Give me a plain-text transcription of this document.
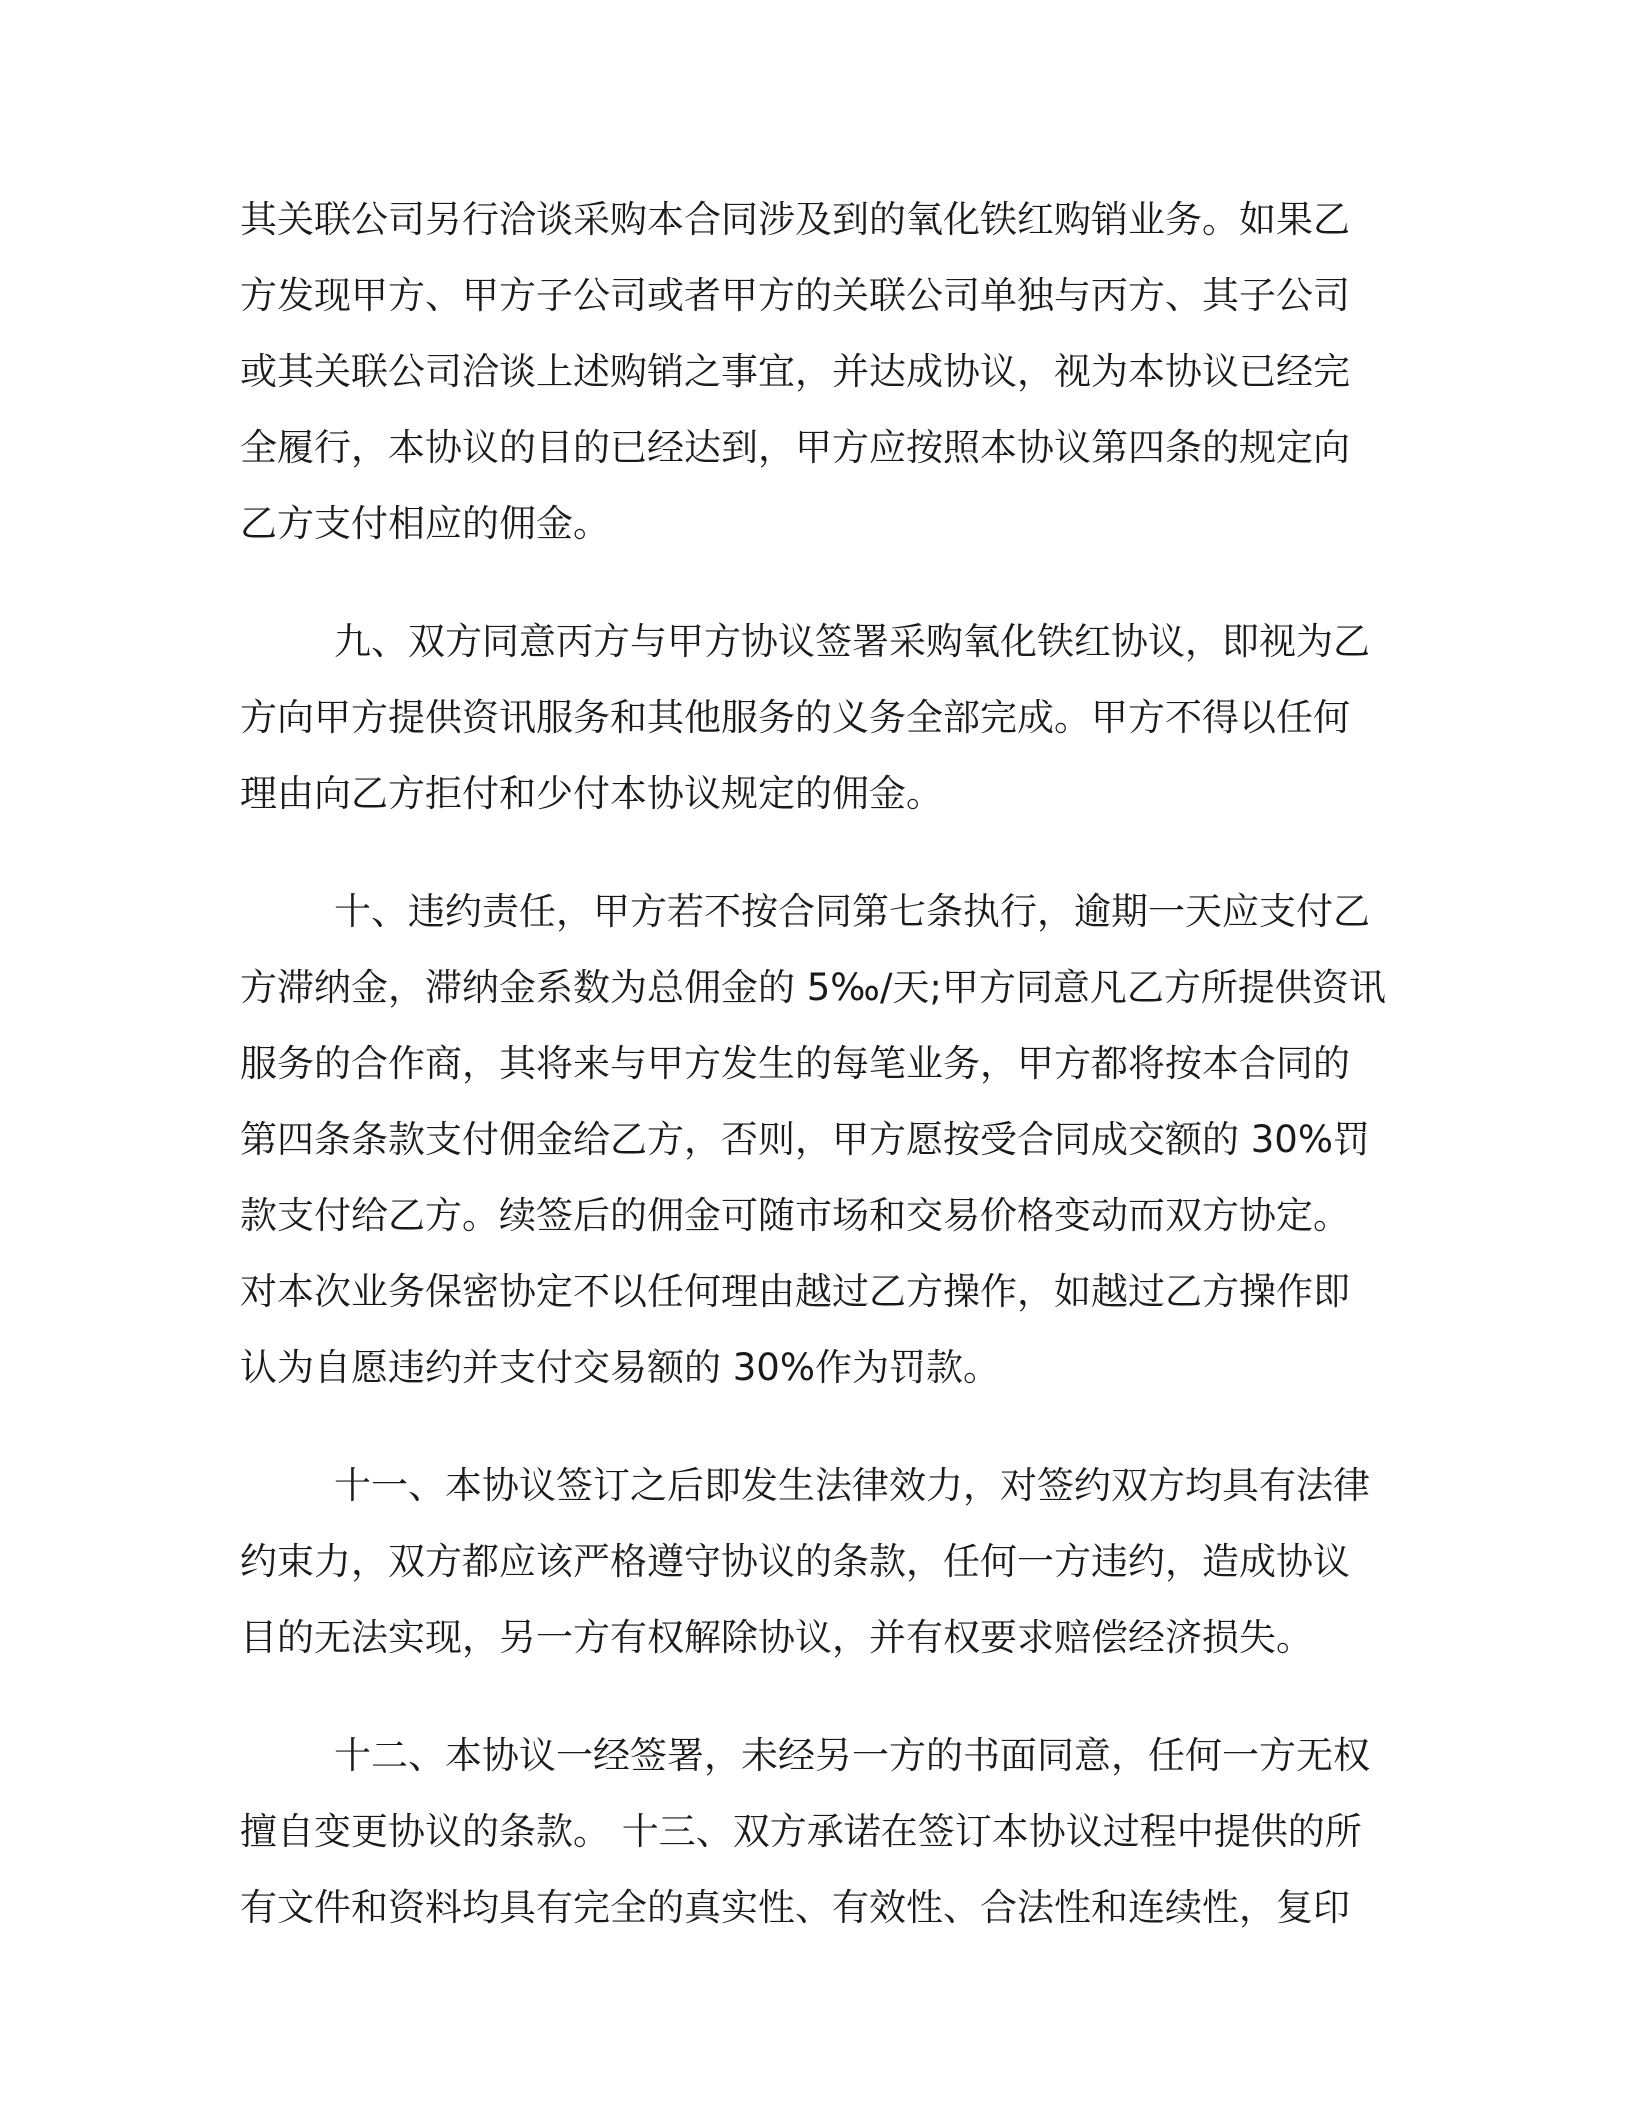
其关联公司另行洽谈采购本合同涉及到的氧化铁红购销业务。如果乙
方发现甲方、甲方子公司或者甲方的关联公司单独与丙方、其子公司
或其关联公司洽谈上述购销之事宜，并达成协议，视为本协议已经完
全履行，本协议的目的已经达到，甲方应按照本协议第四条的规定向
乙方支付相应的佣金。

九、双方同意丙方与甲方协议签署采购氧化铁红协议，即视为乙
方向甲方提供资讯服务和其他服务的义务全部完成。甲方不得以任何
理由向乙方拒付和少付本协议规定的佣金。

十、违约责任，甲方若不按合同第七条执行，逾期一天应支付乙
方滞纳金，滞纳金系数为总佣金的 5‰/天;甲方同意凡乙方所提供资讯
服务的合作商，其将来与甲方发生的每笔业务，甲方都将按本合同的
第四条条款支付佣金给乙方，否则，甲方愿按受合同成交额的 30%罚
款支付给乙方。续签后的佣金可随市场和交易价格变动而双方协定。
对本次业务保密协定不以任何理由越过乙方操作，如越过乙方操作即
认为自愿违约并支付交易额的 30%作为罚款。

十一、本协议签订之后即发生法律效力，对签约双方均具有法律
约束力，双方都应该严格遵守协议的条款，任何一方违约，造成协议
目的无法实现，另一方有权解除协议，并有权要求赔偿经济损失。

十二、本协议一经签署，未经另一方的书面同意，任何一方无权
擅自变更协议的条款。 十三、双方承诺在签订本协议过程中提供的所
有文件和资料均具有完全的真实性、有效性、合法性和连续性，复印
